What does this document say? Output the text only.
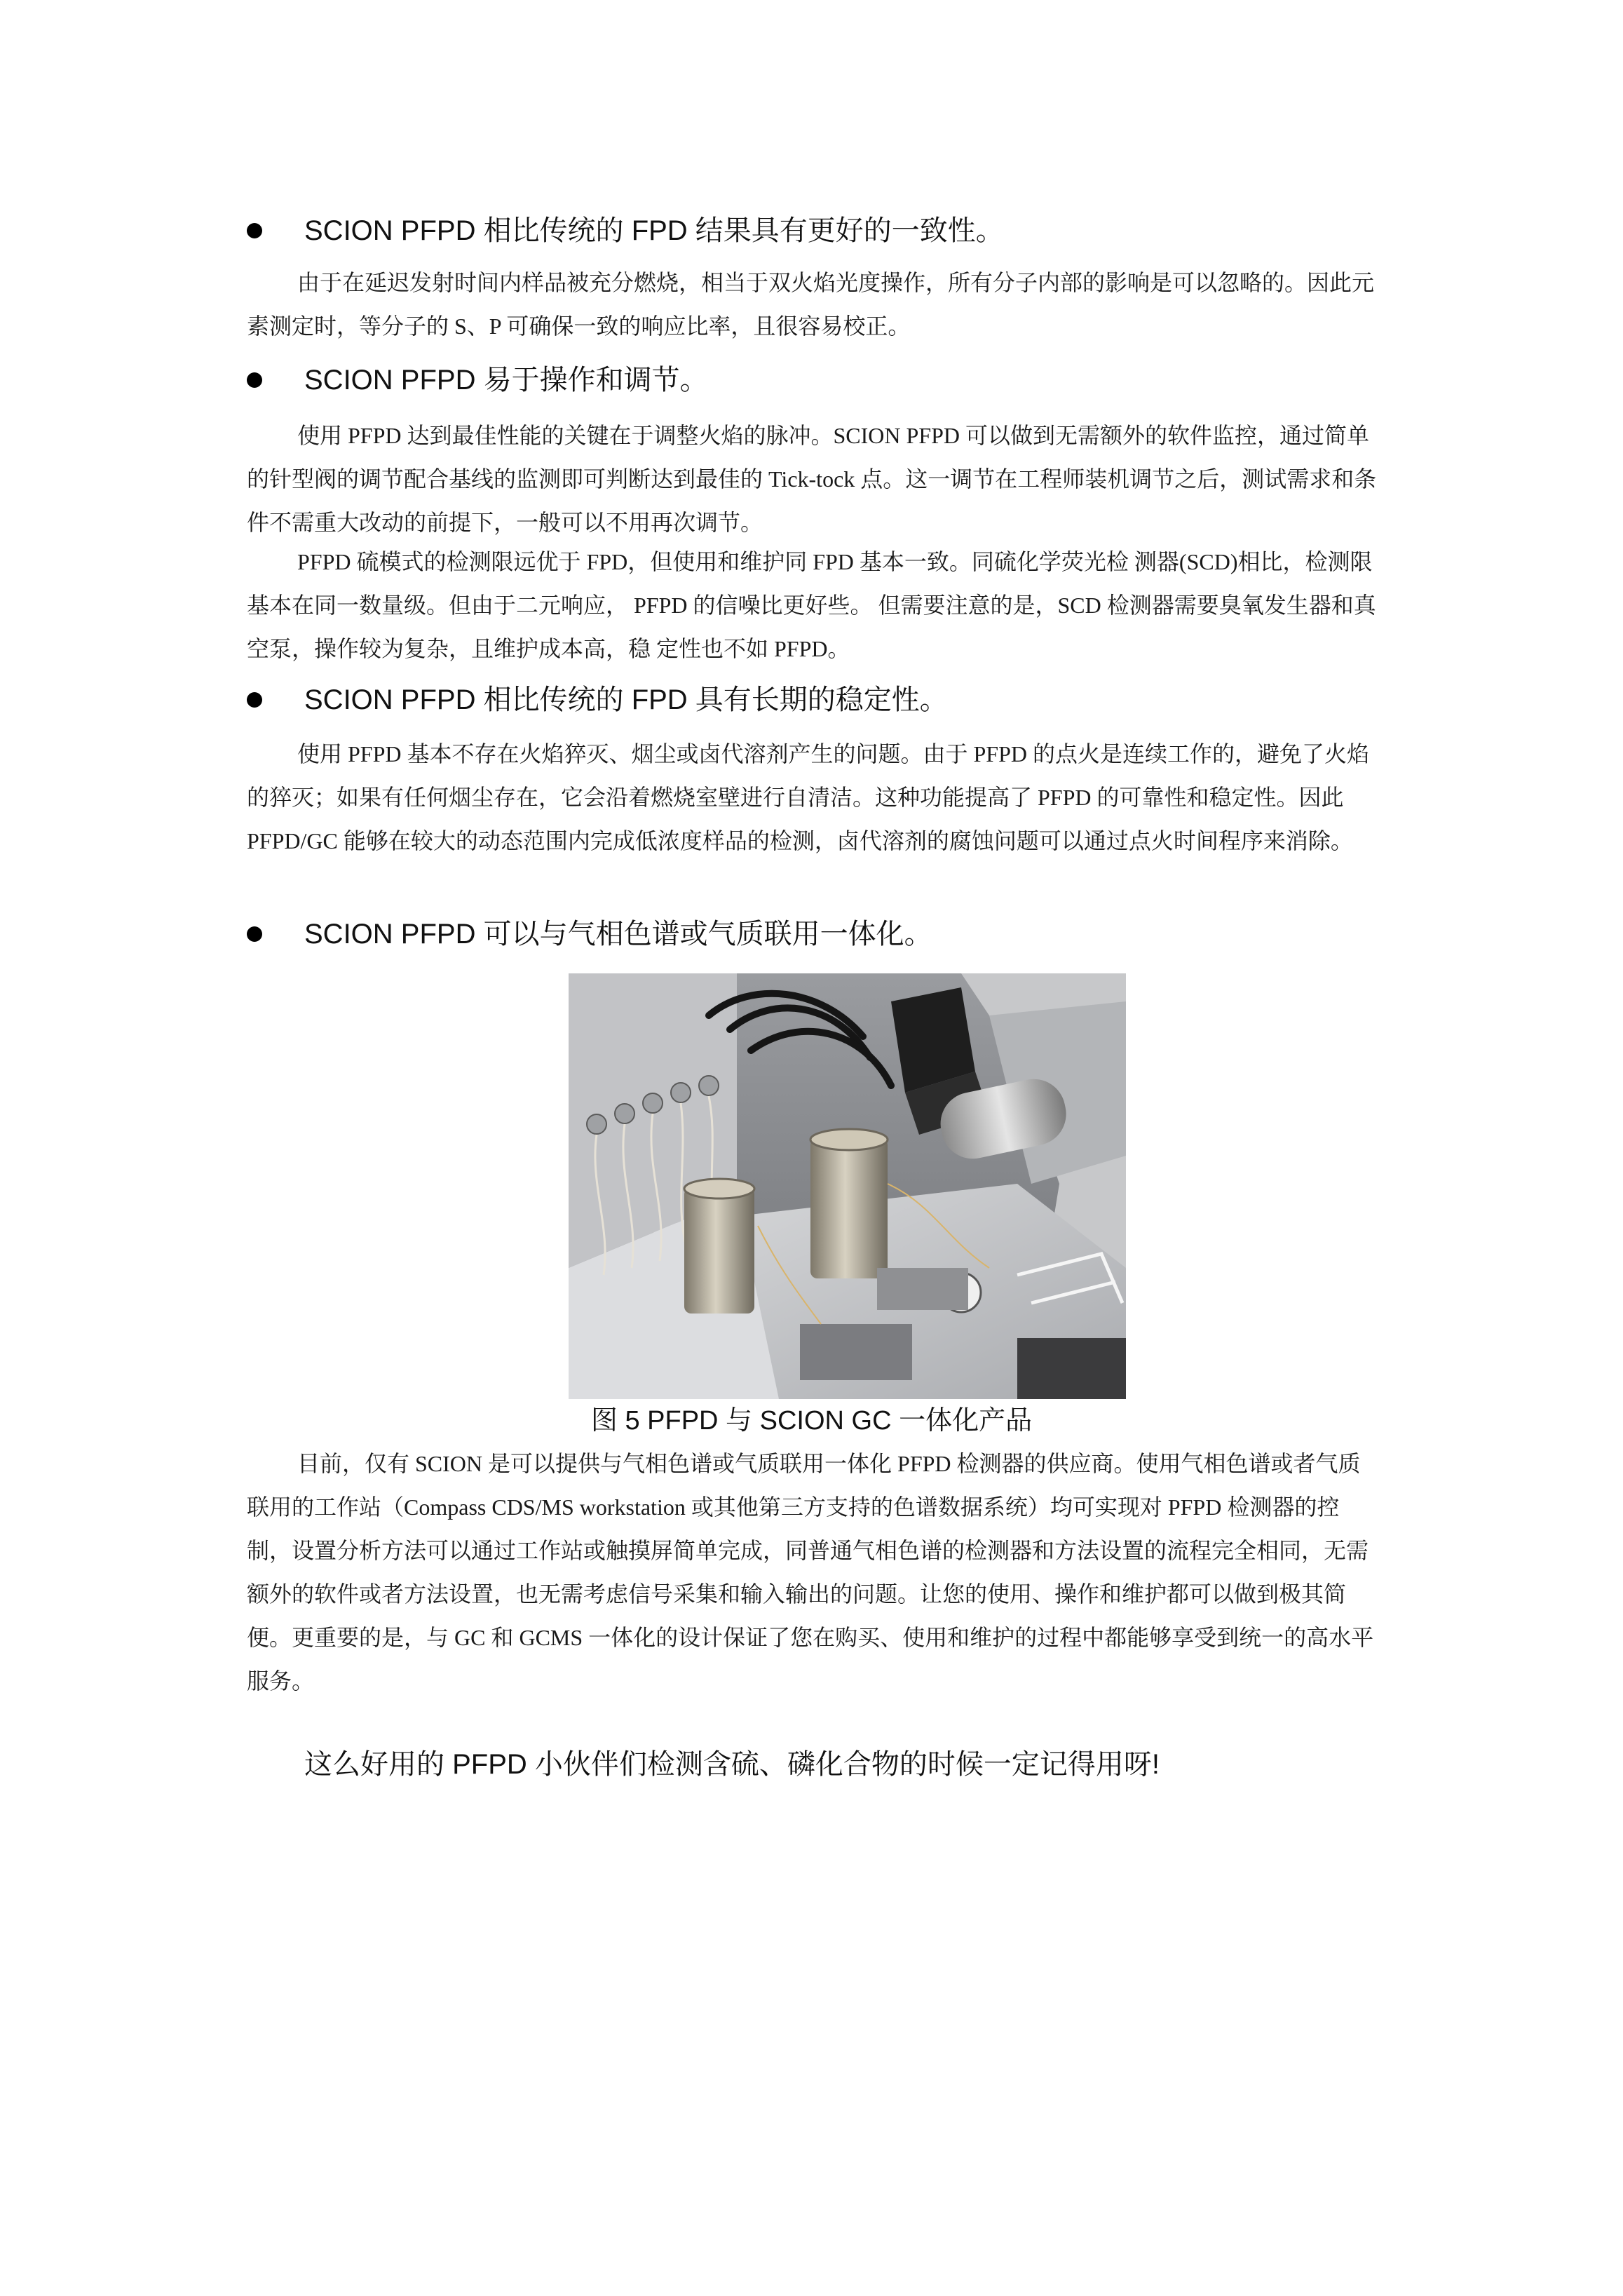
SCION PFPD 相比传统的 FPD 结果具有更好的一致性。

由于在延迟发射时间内样品被充分燃烧，相当于双火焰光度操作，所有分子内部的影响是可以忽略的。因此元素测定时，等分子的 S、P 可确保一致的响应比率，且很容易校正。

SCION PFPD 易于操作和调节。

使用 PFPD 达到最佳性能的关键在于调整火焰的脉冲。SCION PFPD 可以做到无需额外的软件监控，通过简单的针型阀的调节配合基线的监测即可判断达到最佳的 Tick-tock 点。这一调节在工程师装机调节之后，测试需求和条件不需重大改动的前提下，一般可以不用再次调节。

PFPD 硫模式的检测限远优于 FPD，但使用和维护同 FPD 基本一致。同硫化学荧光检 测器(SCD)相比，检测限基本在同一数量级。但由于二元响应， PFPD 的信噪比更好些。 但需要注意的是，SCD 检测器需要臭氧发生器和真空泵，操作较为复杂，且维护成本高，稳 定性也不如 PFPD。

SCION PFPD 相比传统的 FPD 具有长期的稳定性。

使用 PFPD 基本不存在火焰猝灭、烟尘或卤代溶剂产生的问题。由于 PFPD 的点火是连续工作的，避免了火焰的猝灭；如果有任何烟尘存在，它会沿着燃烧室壁进行自清洁。这种功能提高了 PFPD 的可靠性和稳定性。因此 PFPD/GC 能够在较大的动态范围内完成低浓度样品的检测，卤代溶剂的腐蚀问题可以通过点火时间程序来消除。

SCION PFPD 可以与气相色谱或气质联用一体化。
图 5 PFPD 与 SCION GC 一体化产品

目前，仅有 SCION 是可以提供与气相色谱或气质联用一体化 PFPD 检测器的供应商。使用气相色谱或者气质联用的工作站（Compass CDS/MS workstation 或其他第三方支持的色谱数据系统）均可实现对 PFPD 检测器的控制，设置分析方法可以通过工作站或触摸屏简单完成，同普通气相色谱的检测器和方法设置的流程完全相同，无需额外的软件或者方法设置，也无需考虑信号采集和输入输出的问题。让您的使用、操作和维护都可以做到极其简便。更重要的是，与 GC 和 GCMS 一体化的设计保证了您在购买、使用和维护的过程中都能够享受到统一的高水平服务。

这么好用的 PFPD 小伙伴们检测含硫、磷化合物的时候一定记得用呀!
